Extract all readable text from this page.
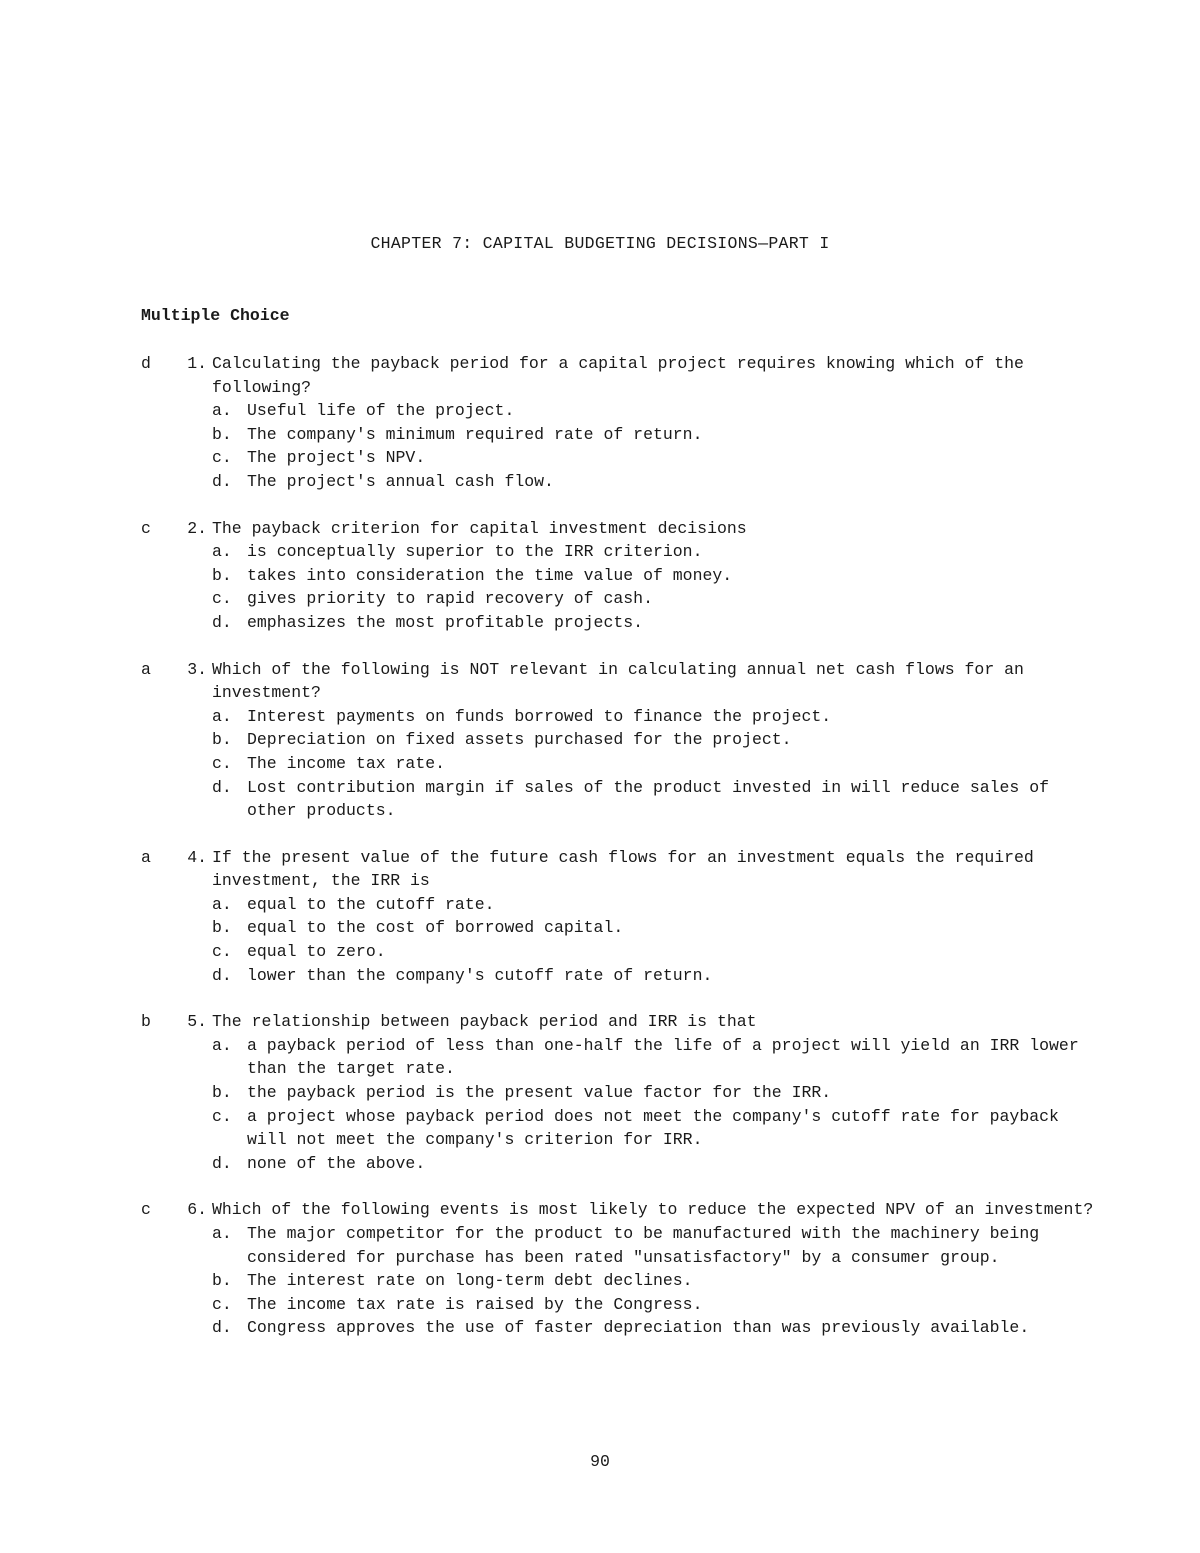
CHAPTER 7: CAPITAL BUDGETING DECISIONS—PART I
Multiple Choice
d	1. Calculating the payback period for a capital project requires knowing which of the following?
a. Useful life of the project.
b. The company's minimum required rate of return.
c. The project's NPV.
d. The project's annual cash flow.
c	2. The payback criterion for capital investment decisions
a. is conceptually superior to the IRR criterion.
b. takes into consideration the time value of money.
c. gives priority to rapid recovery of cash.
d. emphasizes the most profitable projects.
a	3. Which of the following is NOT relevant in calculating annual net cash flows for an investment?
a. Interest payments on funds borrowed to finance the project.
b. Depreciation on fixed assets purchased for the project.
c. The income tax rate.
d. Lost contribution margin if sales of the product invested in will reduce sales of other products.
a	4. If the present value of the future cash flows for an investment equals the required investment, the IRR is
a. equal to the cutoff rate.
b. equal to the cost of borrowed capital.
c. equal to zero.
d. lower than the company's cutoff rate of return.
b	5. The relationship between payback period and IRR is that
a. a payback period of less than one-half the life of a project will yield an IRR lower than the target rate.
b. the payback period is the present value factor for the IRR.
c. a project whose payback period does not meet the company's cutoff rate for payback will not meet the company's criterion for IRR.
d. none of the above.
c	6. Which of the following events is most likely to reduce the expected NPV of an investment?
a. The major competitor for the product to be manufactured with the machinery being considered for purchase has been rated "unsatisfactory" by a consumer group.
b. The interest rate on long-term debt declines.
c. The income tax rate is raised by the Congress.
d. Congress approves the use of faster depreciation than was previously available.
90
